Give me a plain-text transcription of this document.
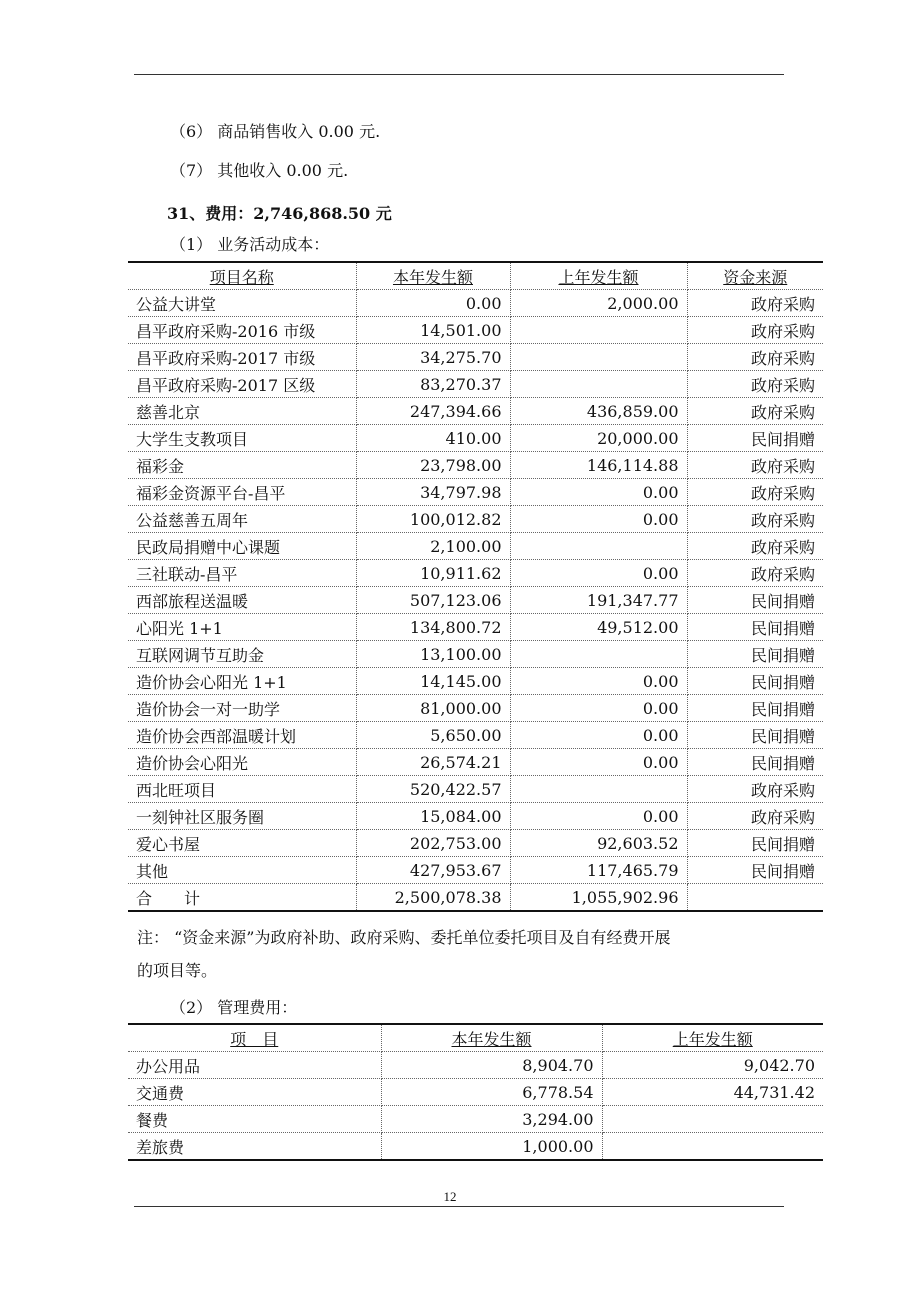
（6） 商品销售收入 0.00 元.
（7） 其他收入 0.00 元.
31、费用：2,746,868.50 元
（1） 业务活动成本：
项目名称	本年发生额	上年发生额	资金来源
公益大讲堂	0.00	2,000.00	政府采购
昌平政府采购-2016 市级	14,501.00		政府采购
昌平政府采购-2017 市级	34,275.70		政府采购
昌平政府采购-2017 区级	83,270.37		政府采购
慈善北京	247,394.66	436,859.00	政府采购
大学生支教项目	410.00	20,000.00	民间捐赠
福彩金	23,798.00	146,114.88	政府采购
福彩金资源平台-昌平	34,797.98	0.00	政府采购
公益慈善五周年	100,012.82	0.00	政府采购
民政局捐赠中心课题	2,100.00		政府采购
三社联动-昌平	10,911.62	0.00	政府采购
西部旅程送温暖	507,123.06	191,347.77	民间捐赠
心阳光 1+1	134,800.72	49,512.00	民间捐赠
互联网调节互助金	13,100.00		民间捐赠
造价协会心阳光 1+1	14,145.00	0.00	民间捐赠
造价协会一对一助学	81,000.00	0.00	民间捐赠
造价协会西部温暖计划	5,650.00	0.00	民间捐赠
造价协会心阳光	26,574.21	0.00	民间捐赠
西北旺项目	520,422.57		政府采购
一刻钟社区服务圈	15,084.00	0.00	政府采购
爱心书屋	202,753.00	92,603.52	民间捐赠
其他	427,953.67	117,465.79	民间捐赠
合　　计	2,500,078.38	1,055,902.96	
注： “资金来源”为政府补助、政府采购、委托单位委托项目及自有经费开展
的项目等。
（2） 管理费用：
项　目	本年发生额	上年发生额
办公用品	8,904.70	9,042.70
交通费	6,778.54	44,731.42
餐费	3,294.00	
差旅费	1,000.00	
12
